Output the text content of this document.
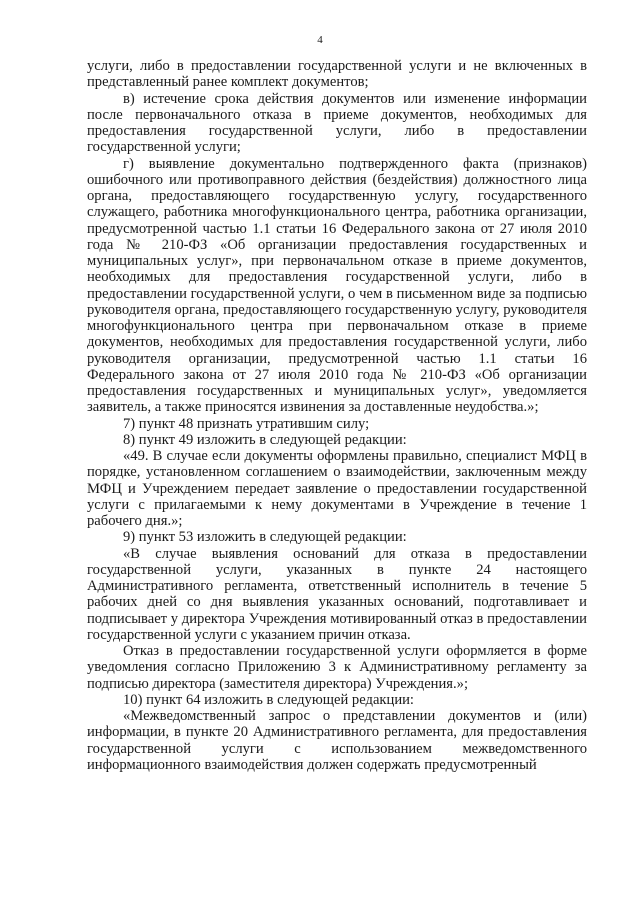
4

услуги, либо в предоставлении государственной услуги и не включенных в представленный ранее комплект документов;

в) истечение срока действия документов или изменение информации после первоначального отказа в приеме документов, необходимых для предоставления государственной услуги, либо в предоставлении государственной услуги;

г) выявление документально подтвержденного факта (признаков) ошибочного или противоправного действия (бездействия) должностного лица органа, предоставляющего государственную услугу, государственного служащего, работника многофункционального центра, работника организации, предусмотренной частью 1.1 статьи 16 Федерального закона от 27 июля 2010 года № 210-ФЗ «Об организации предоставления государственных и муниципальных услуг», при первоначальном отказе в приеме документов, необходимых для предоставления государственной услуги, либо в предоставлении государственной услуги, о чем в письменном виде за подписью руководителя органа, предоставляющего государственную услугу, руководителя многофункционального центра при первоначальном отказе в приеме документов, необходимых для предоставления государственной услуги, либо руководителя организации, предусмотренной частью 1.1 статьи 16 Федерального закона от 27 июля 2010 года № 210-ФЗ «Об организации предоставления государственных и муниципальных услуг», уведомляется заявитель, а также приносятся извинения за доставленные неудобства.»;

7) пункт 48 признать утратившим силу;

8) пункт 49 изложить в следующей редакции:

«49. В случае если документы оформлены правильно, специалист МФЦ в порядке, установленном соглашением о взаимодействии, заключенным между МФЦ и Учреждением передает заявление о предоставлении государственной услуги с прилагаемыми к нему документами в Учреждение в течение 1 рабочего дня.»;

9) пункт 53 изложить в следующей редакции:

«В случае выявления оснований для отказа в предоставлении государственной услуги, указанных в пункте 24 настоящего Административного регламента, ответственный исполнитель в течение 5 рабочих дней со дня выявления указанных оснований, подготавливает и подписывает у директора Учреждения мотивированный отказ в предоставлении государственной услуги с указанием причин отказа.

Отказ в предоставлении государственной услуги оформляется в форме уведомления согласно Приложению 3 к Административному регламенту за подписью директора (заместителя директора) Учреждения.»;

10) пункт 64 изложить в следующей редакции:

«Межведомственный запрос о представлении документов и (или) информации, в пункте 20 Административного регламента, для предоставления государственной услуги с использованием межведомственного информационного взаимодействия должен содержать предусмотренный
